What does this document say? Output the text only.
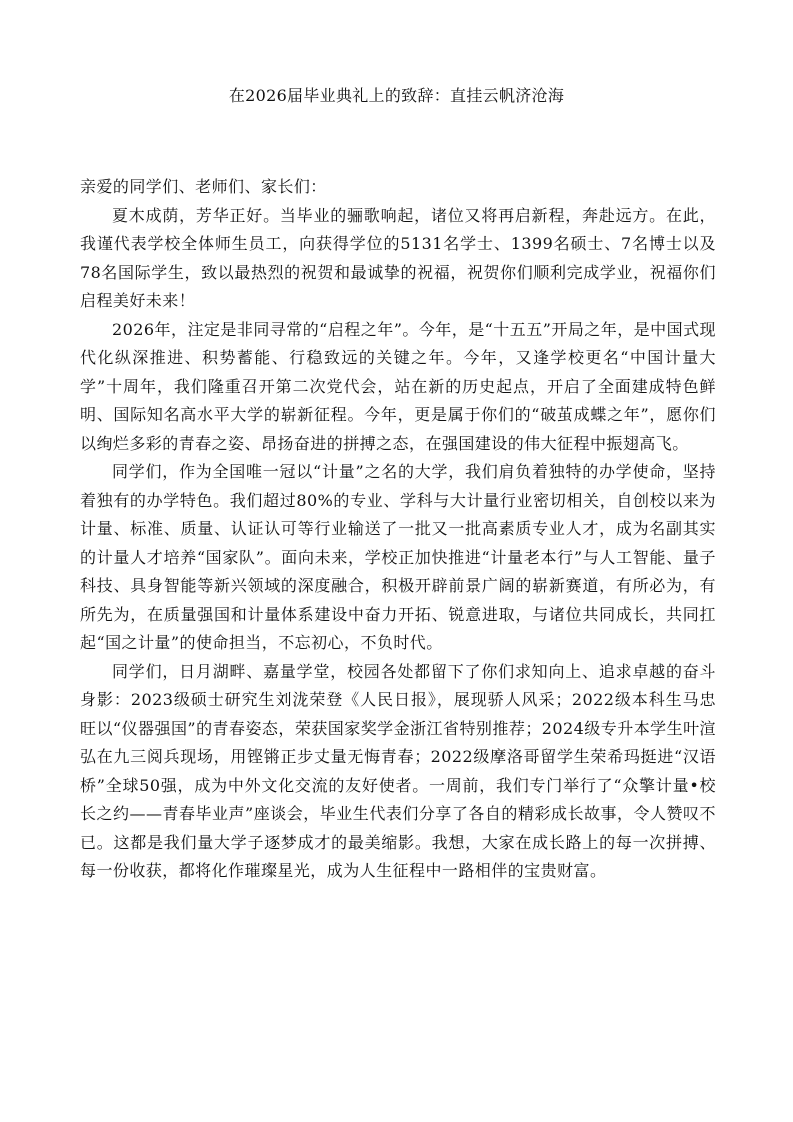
在2026届毕业典礼上的致辞：直挂云帆济沧海

亲爱的同学们、老师们、家长们：

夏木成荫，芳华正好。当毕业的骊歌响起，诸位又将再启新程，奔赴远方。在此，我谨代表学校全体师生员工，向获得学位的5131名学士、1399名硕士、7名博士以及78名国际学生，致以最热烈的祝贺和最诚挚的祝福，祝贺你们顺利完成学业，祝福你们启程美好未来！

2026年，注定是非同寻常的“启程之年”。今年，是“十五五”开局之年，是中国式现代化纵深推进、积势蓄能、行稳致远的关键之年。今年，又逢学校更名“中国计量大学”十周年，我们隆重召开第二次党代会，站在新的历史起点，开启了全面建成特色鲜明、国际知名高水平大学的崭新征程。今年，更是属于你们的“破茧成蝶之年”，愿你们以绚烂多彩的青春之姿、昂扬奋进的拼搏之态，在强国建设的伟大征程中振翅高飞。

同学们，作为全国唯一冠以“计量”之名的大学，我们肩负着独特的办学使命，坚持着独有的办学特色。我们超过80%的专业、学科与大计量行业密切相关，自创校以来为计量、标准、质量、认证认可等行业输送了一批又一批高素质专业人才，成为名副其实的计量人才培养“国家队”。面向未来，学校正加快推进“计量老本行”与人工智能、量子科技、具身智能等新兴领域的深度融合，积极开辟前景广阔的崭新赛道，有所必为，有所先为，在质量强国和计量体系建设中奋力开拓、锐意进取，与诸位共同成长，共同扛起“国之计量”的使命担当，不忘初心，不负时代。

同学们，日月湖畔、嘉量学堂，校园各处都留下了你们求知向上、追求卓越的奋斗身影：2023级硕士研究生刘泷荣登《人民日报》，展现骄人风采；2022级本科生马忠旺以“仪器强国”的青春姿态，荣获国家奖学金浙江省特别推荐；2024级专升本学生叶渲弘在九三阅兵现场，用铿锵正步丈量无悔青春；2022级摩洛哥留学生荣希玛挺进“汉语桥”全球50强，成为中外文化交流的友好使者。一周前，我们专门举行了“众擎计量•校长之约——青春毕业声”座谈会，毕业生代表们分享了各自的精彩成长故事，令人赞叹不已。这都是我们量大学子逐梦成才的最美缩影。我想，大家在成长路上的每一次拼搏、每一份收获，都将化作璀璨星光，成为人生征程中一路相伴的宝贵财富。
